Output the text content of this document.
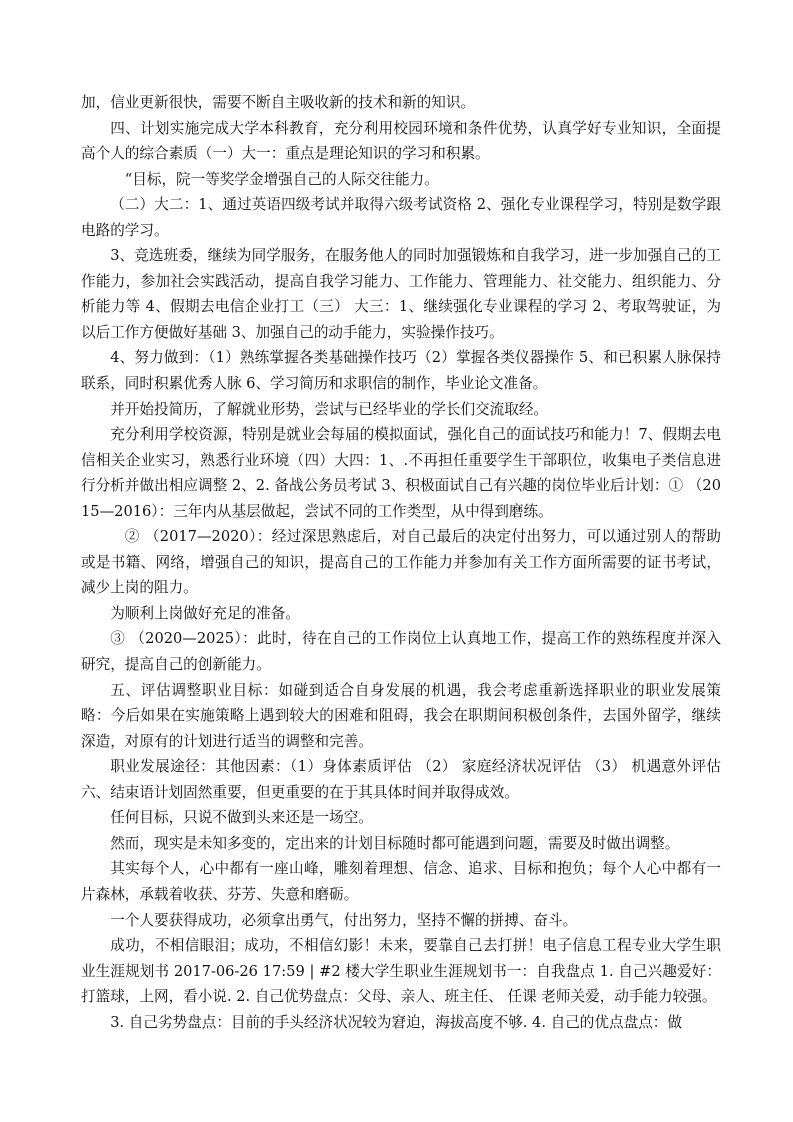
加，信业更新很快，需要不断自主吸收新的技术和新的知识。

四、计划实施完成大学本科教育，充分利用校园环境和条件优势，认真学好专业知识，全面提高个人的综合素质（一）大一：重点是理论知识的学习和积累。

“目标，院一等奖学金增强自己的人际交往能力。

（二）大二：1、通过英语四级考试并取得六级考试资格 2、强化专业课程学习，特别是数学跟电路的学习。

3、竞选班委，继续为同学服务，在服务他人的同时加强锻炼和自我学习，进一步加强自己的工作能力，参加社会实践活动，提高自我学习能力、工作能力、管理能力、社交能力、组织能力、分析能力等 4、假期去电信企业打工（三） 大三：1、继续强化专业课程的学习 2、考取驾驶证，为以后工作方便做好基础 3、加强自己的动手能力，实验操作技巧。

4、努力做到：（1）熟练掌握各类基础操作技巧（2）掌握各类仪器操作 5、和已积累人脉保持联系，同时积累优秀人脉 6、学习简历和求职信的制作，毕业论文准备。

并开始投简历，了解就业形势，尝试与已经毕业的学长们交流取经。

充分利用学校资源，特别是就业会每届的模拟面试，强化自己的面试技巧和能力！7、假期去电信相关企业实习，熟悉行业环境（四）大四：1、.不再担任重要学生干部职位，收集电子类信息进行分析并做出相应调整 2、2. 备战公务员考试 3、积极面试自己有兴趣的岗位毕业后计划：① （2015—2016）：三年内从基层做起，尝试不同的工作类型，从中得到磨练。

② （2017—2020）：经过深思熟虑后，对自己最后的决定付出努力，可以通过别人的帮助或是书籍、网络，增强自己的知识，提高自己的工作能力并参加有关工作方面所需要的证书考试，减少上岗的阻力。

为顺利上岗做好充足的准备。

③ （2020—2025）：此时，待在自己的工作岗位上认真地工作，提高工作的熟练程度并深入研究，提高自己的创新能力。

五、评估调整职业目标：如碰到适合自身发展的机遇，我会考虑重新选择职业的职业发展策略：今后如果在实施策略上遇到较大的困难和阻碍，我会在职期间积极创条件，去国外留学，继续深造，对原有的计划进行适当的调整和完善。

职业发展途径：其他因素：（1）身体素质评估 （2） 家庭经济状况评估 （3） 机遇意外评估六、结束语计划固然重要，但更重要的在于其具体时间并取得成效。

任何目标，只说不做到头来还是一场空。

然而，现实是未知多变的，定出来的计划目标随时都可能遇到问题，需要及时做出调整。

其实每个人，心中都有一座山峰，雕刻着理想、信念、追求、目标和抱负；每个人心中都有一片森林，承载着收获、芬芳、失意和磨砺。

一个人要获得成功，必须拿出勇气，付出努力，坚持不懈的拼搏、奋斗。

成功，不相信眼泪；成功，不相信幻影！未来，要靠自己去打拼！电子信息工程专业大学生职业生涯规划书 2017-06-26 17:59 | #2 楼大学生职业生涯规划书一：自我盘点 1. 自己兴趣爱好：打篮球，上网，看小说. 2. 自己优势盘点：父母、亲人、班主任、 任课 老师关爱，动手能力较强。

3. 自己劣势盘点：目前的手头经济状况较为窘迫，海拔高度不够. 4. 自己的优点盘点：做
